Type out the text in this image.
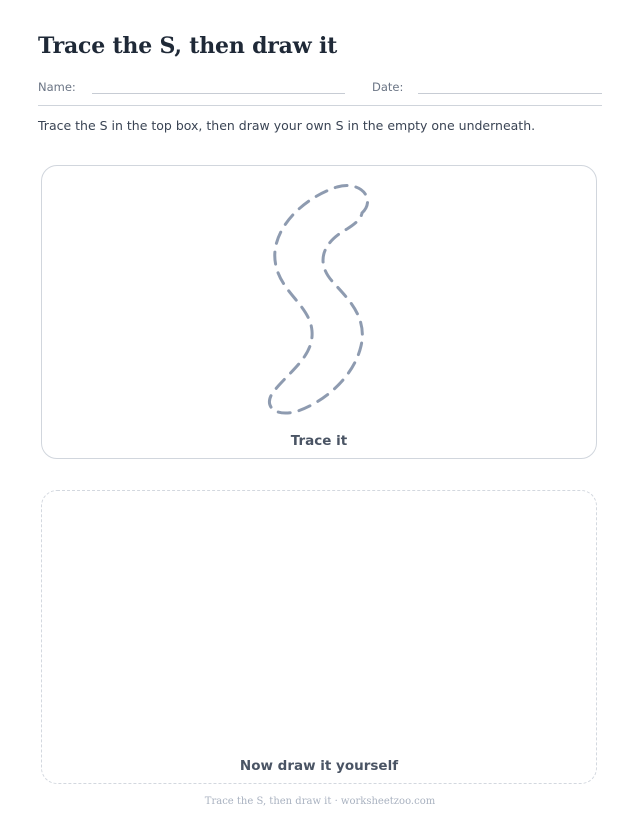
Trace the S, then draw it
Name:	Date:

Trace the S in the top box, then draw your own S in the empty one underneath.

Trace it
Now draw it yourself
Trace the S, then draw it · worksheetzoo.com
